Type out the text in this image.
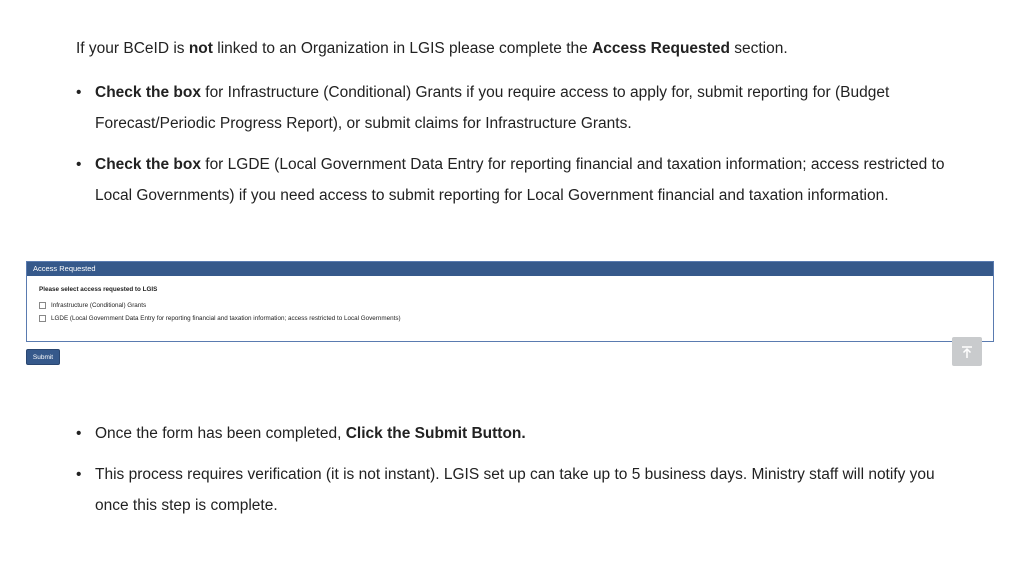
If your BCeID is not linked to an Organization in LGIS please complete the Access Requested section.

• Check the box for Infrastructure (Conditional) Grants if you require access to apply for, submit reporting for (Budget Forecast/Periodic Progress Report), or submit claims for Infrastructure Grants.
• Check the box for LGDE (Local Government Data Entry for reporting financial and taxation information; access restricted to Local Governments) if you need access to submit reporting for Local Government financial and taxation information.
Access Requested
Please select access requested to LGIS
Infrastructure (Conditional) Grants
LGDE (Local Government Data Entry for reporting financial and taxation information; access restricted to Local Governments)
Submit
• Once the form has been completed, Click the Submit Button.
• This process requires verification (it is not instant). LGIS set up can take up to 5 business days. Ministry staff will notify you once this step is complete.
